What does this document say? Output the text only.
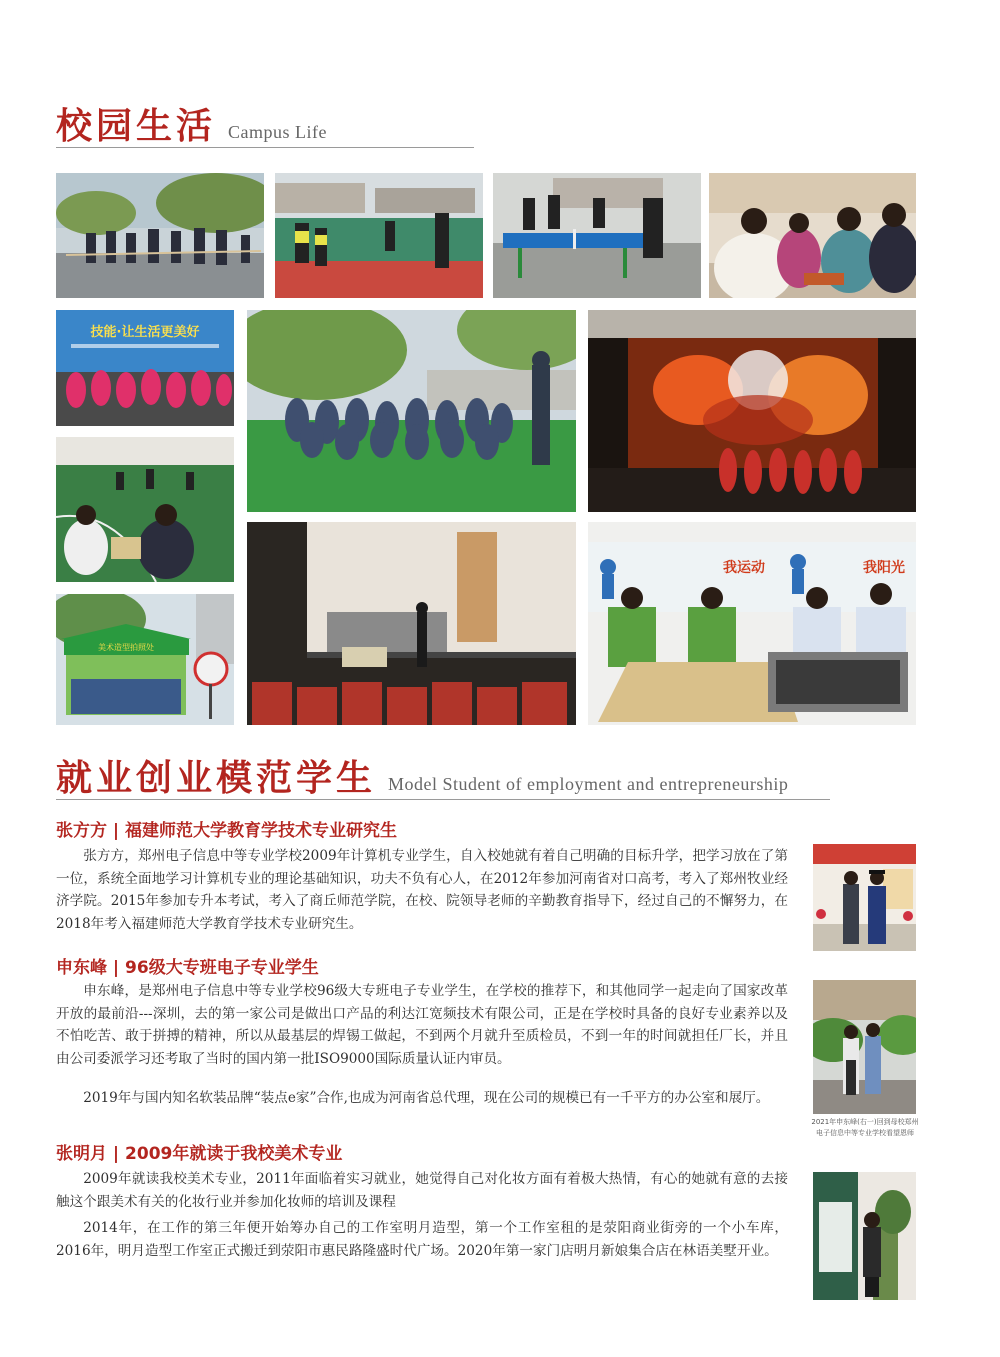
校园生活 Campus Life
技能·让生活更美好
美术造型拍照处
我运动	我阳光
就业创业模范学生 Model Student of employment and entrepreneurship
张方方 | 福建师范大学教育学技术专业研究生
张方方，郑州电子信息中等专业学校2009年计算机专业学生，自入校她就有着自己明确的目标升学，把学习放在了第一位，系统全面地学习计算机专业的理论基础知识，功夫不负有心人，在2012年参加河南省对口高考，考入了郑州牧业经济学院。2015年参加专升本考试，考入了商丘师范学院，在校、院领导老师的辛勤教育指导下，经过自己的不懈努力，在2018年考入福建师范大学教育学技术专业研究生。
申东峰 | 96级大专班电子专业学生
申东峰，是郑州电子信息中等专业学校96级大专班电子专业学生，在学校的推荐下，和其他同学一起走向了国家改革开放的最前沿---深圳，去的第一家公司是做出口产品的利达江宽频技术有限公司，正是在学校时具备的良好专业素养以及不怕吃苦、敢于拼搏的精神，所以从最基层的焊锡工做起，不到两个月就升至质检员，不到一年的时间就担任厂长，并且由公司委派学习还考取了当时的国内第一批ISO9000国际质量认证内审员。
2019年与国内知名软装品牌“装点e家”合作,也成为河南省总代理，现在公司的规模已有一千平方的办公室和展厅。
2021年申东峰(右一)回到母校郑州电子信息中等专业学校看望恩师
张明月 | 2009年就读于我校美术专业
2009年就读我校美术专业，2011年面临着实习就业，她觉得自己对化妆方面有着极大热情，有心的她就有意的去接触这个跟美术有关的化妆行业并参加化妆师的培训及课程
2014年，在工作的第三年便开始筹办自己的工作室明月造型，第一个工作室租的是荥阳商业街旁的一个小车库，2016年，明月造型工作室正式搬迁到荥阳市惠民路隆盛时代广场。2020年第一家门店明月新娘集合店在林语美墅开业。
